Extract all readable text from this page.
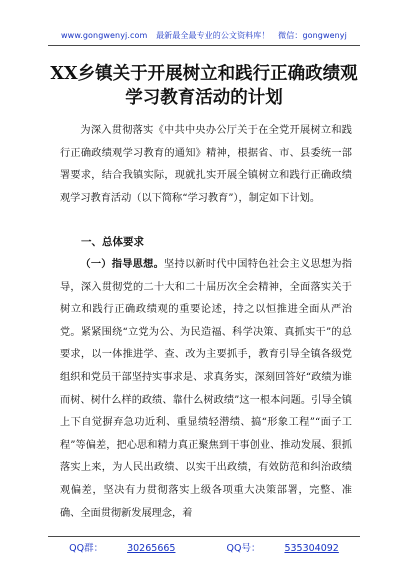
www.gongwenyj.com 最新最全最专业的公文资料库！ 微信：gongwenyj
XX乡镇关于开展树立和践行正确政绩观
学习教育活动的计划

为深入贯彻落实《中共中央办公厅关于在全党开展树立和践行正确政绩观学习教育的通知》精神，根据省、市、县委统一部署要求，结合我镇实际，现就扎实开展全镇树立和践行正确政绩观学习教育活动（以下简称“学习教育”），制定如下计划。

一、总体要求

（一）指导思想。坚持以新时代中国特色社会主义思想为指导，深入贯彻党的二十大和二十届历次全会精神，全面落实关于树立和践行正确政绩观的重要论述，持之以恒推进全面从严治党。紧紧围绕“立党为公、为民造福、科学决策、真抓实干”的总要求，以一体推进学、查、改为主要抓手，教育引导全镇各级党组织和党员干部坚持实事求是、求真务实，深刻回答好“政绩为谁而树、树什么样的政绩、靠什么树政绩”这一根本问题。引导全镇上下自觉摒弃急功近利、重显绩轻潜绩、搞“形象工程”“面子工程”等偏差，把心思和精力真正聚焦到干事创业、推动发展、狠抓落实上来，为人民出政绩、以实干出政绩，有效防范和纠治政绩观偏差，坚决有力贯彻落实上级各项重大决策部署，完整、准确、全面贯彻新发展理念，着

QQ群：	30265665	QQ号：	535304092
